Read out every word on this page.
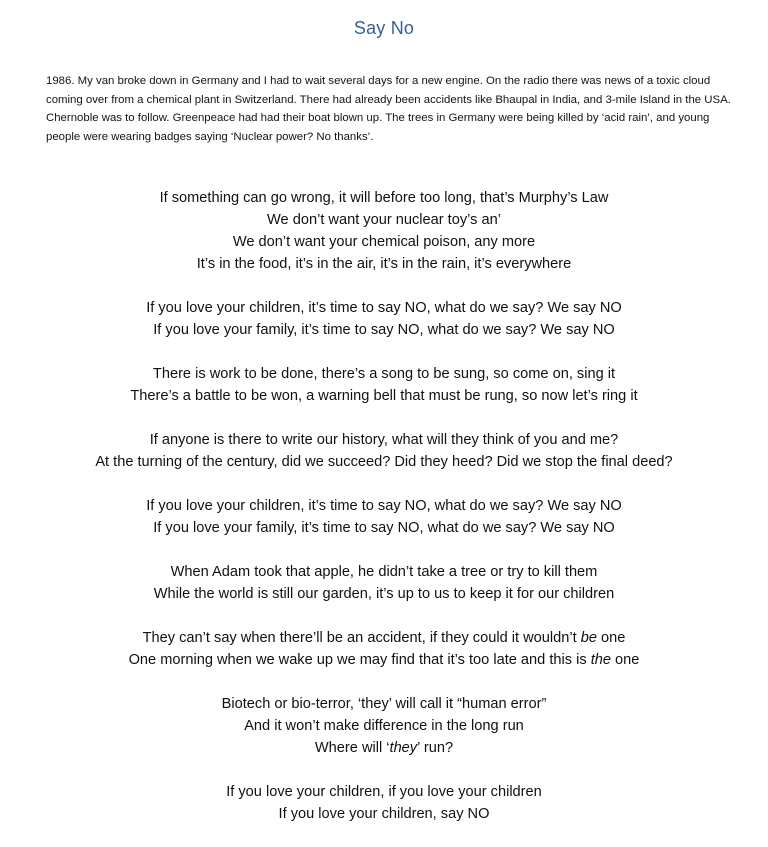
Say No
1986. My van broke down in Germany and I had to wait several days for a new engine. On the radio there was news of a toxic cloud coming over from a chemical plant in Switzerland. There had already been accidents like Bhaupal in India, and 3-mile Island in the USA. Chernoble was to follow. Greenpeace had had their boat blown up. The trees in Germany were being killed by ‘acid rain’, and young people were wearing badges saying ‘Nuclear power? No thanks’.
If something can go wrong, it will before too long, that’s Murphy’s Law
We don’t want your nuclear toy’s an’
We don’t want your chemical poison, any more
It’s in the food, it’s in the air, it’s in the rain, it’s everywhere
If you love your children, it’s time to say NO, what do we say? We say NO
If you love your family, it’s time to say NO, what do we say? We say NO
There is work to be done, there’s a song to be sung, so come on, sing it
There’s a battle to be won, a warning bell that must be rung, so now let’s ring it
If anyone is there to write our history, what will they think of you and me?
At the turning of the century, did we succeed? Did they heed? Did we stop the final deed?
If you love your children, it’s time to say NO, what do we say? We say NO
If you love your family, it’s time to say NO, what do we say? We say NO
When Adam took that apple, he didn’t take a tree or try to kill them
While the world is still our garden, it’s up to us to keep it for our children
They can’t say when there’ll be an accident, if they could it wouldn’t be one
One morning when we wake up we may find that it’s too late and this is the one
Biotech or bio-terror, ‘they’ will call it “human error”
And it won’t make difference in the long run
Where will ‘they’ run?
If you love your children, if you love your children
If you love your children, say NO
